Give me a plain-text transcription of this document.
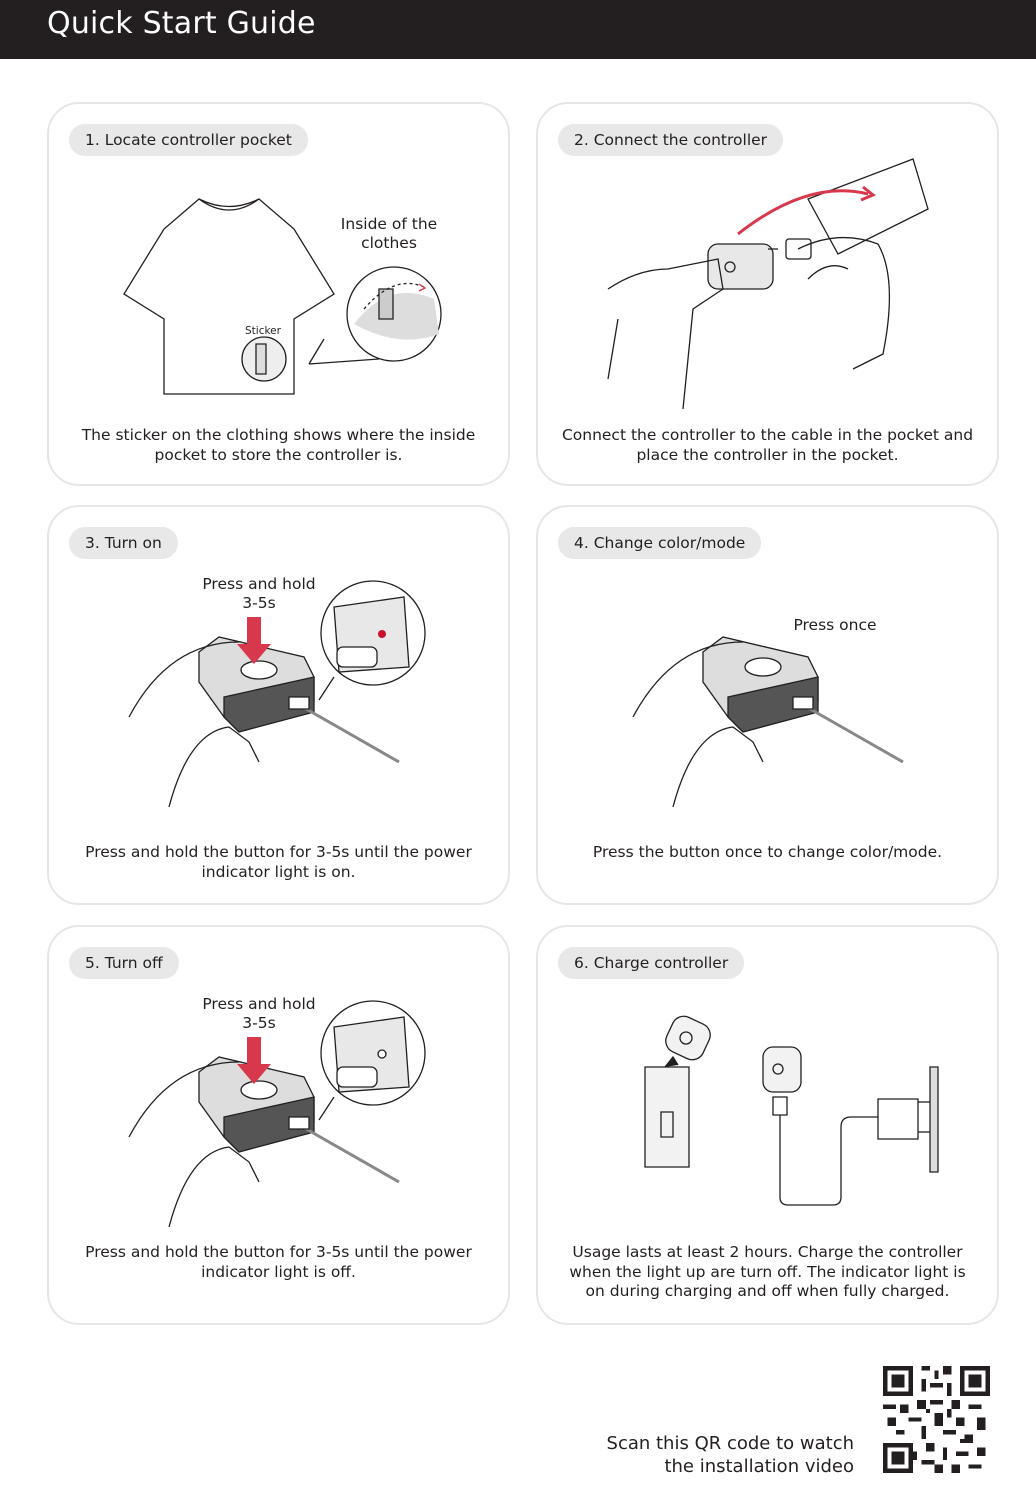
Quick Start Guide
1. Locate controller pocket
Inside of the clothes
Sticker
The sticker on the clothing shows where the inside pocket to store the controller is.
2. Connect the controller
Connect the controller to the cable in the pocket and place the controller in the pocket.
3. Turn on
Press and hold 3-5s
Press and hold the button for 3-5s until the power indicator light is on.
4. Change color/mode
Press once
Press the button once to change color/mode.
5. Turn off
Press and hold 3-5s
Press and hold the button for 3-5s until the power indicator light is off.
6. Charge controller
Usage lasts at least 2 hours. Charge the controller when the light up are turn off. The indicator light is on during charging and off when fully charged.
Scan this QR code to watch the installation video
